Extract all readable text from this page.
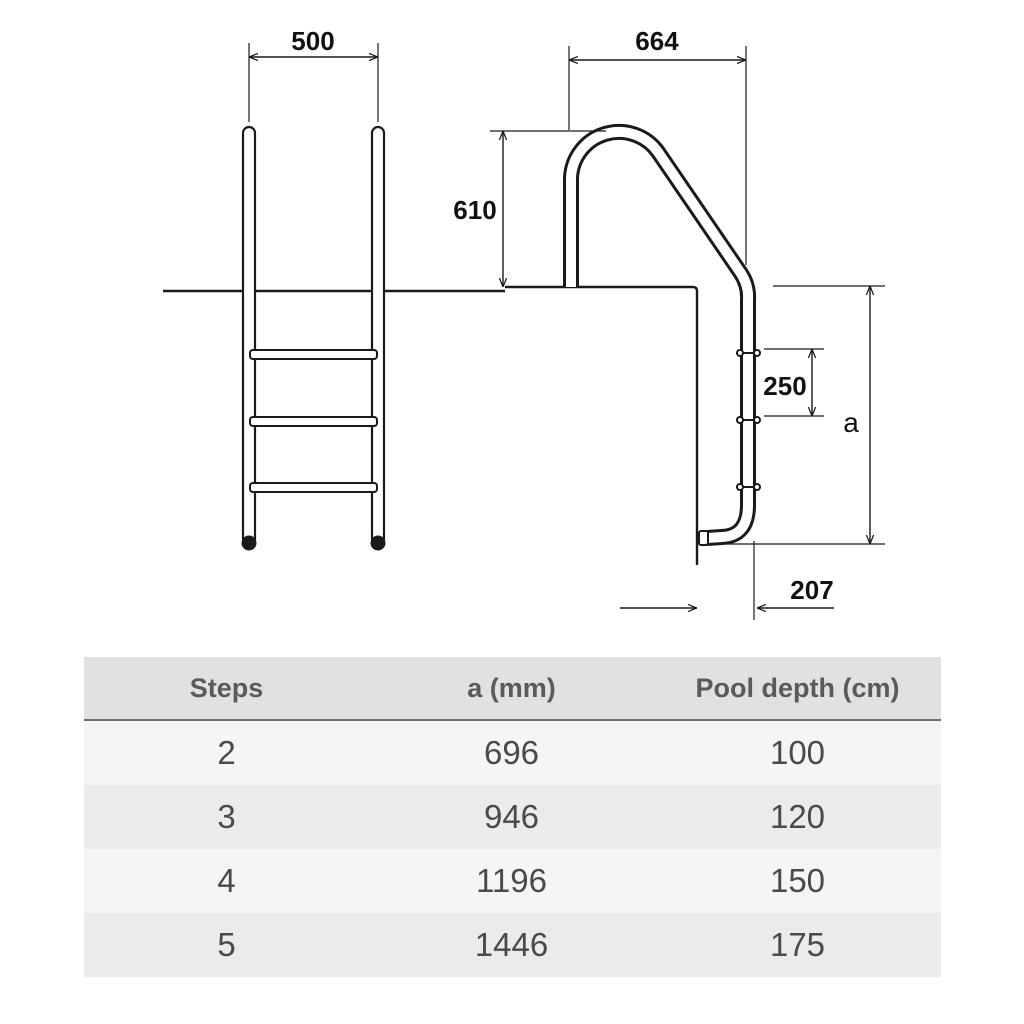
500	664
610
250
a
207
Steps	a (mm)	Pool depth (cm)
2	696	100
3	946	120
4	1196	150
5	1446	175
